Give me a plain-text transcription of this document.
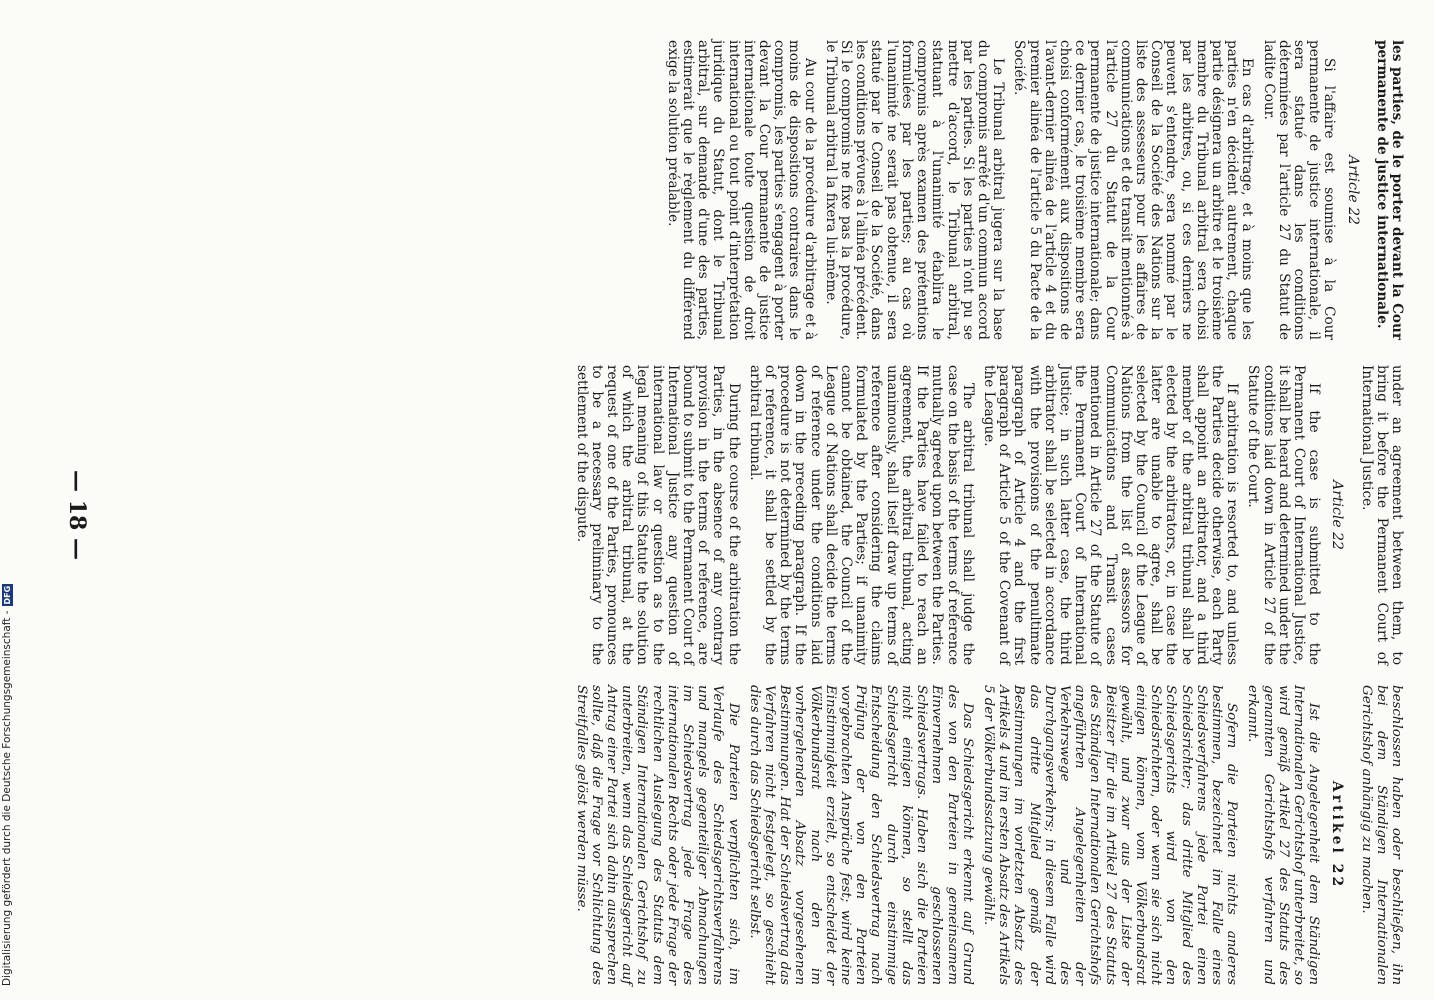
les parties, de le porter devant la Cour permanente de justice internationale.

Article 22

Si l'affaire est soumise à la Cour permanente de justice internationale, il sera statué dans les conditions déterminées par l'article 27 du Statut de ladite Cour.

En cas d'arbitrage, et à moins que les parties n'en décident autrement, chaque partie désignera un arbitre et le troisième membre du Tribunal arbitral sera choisi par les arbitres, ou, si ces derniers ne peuvent s'entendre, sera nommé par le Conseil de la Société des Nations sur la liste des assesseurs pour les affaires de communications et de transit mentionnés à l'article 27 du Statut de la Cour permanente de justice internationale; dans ce dernier cas, le troisième membre sera choisi conformément aux dispositions de l'avant-dernier alinéa de l'article 4 et du premier alinéa de l'article 5 du Pacte de la Société.

Le Tribunal arbitral jugera sur la base du compromis arrêté d'un commun accord par les parties. Si les parties n'ont pu se mettre d'accord, le Tribunal arbitral, statuant à l'unanimité établira le compromis après examen des prétentions formulées par les parties; au cas où l'unanimité ne serait pas obtenue, il sera statué par le Conseil de la Société, dans les conditions prévues à l'alinéa précédent. Si le compromis ne fixe pas la procédure, le Tribunal arbitral la fixera lui-même.

Au cour de la procédure d'arbitrage et à moins de dispositions contraires dans le compromis, les parties s'engagent à porter devant la Cour permanente de justice internationale toute question de droit international ou tout point d'interprétation juridique du Statut, dont le Tribunal arbitral, sur demande d'une des parties, estimerait que le règlement du différend exige la solution préalable.

under an agreement between them, to bring it before the Permanent Court of International Justice.

Article 22

If the case is submitted to the Permanent Court of International Justice, it shall be heard and determined under the conditions laid down in Article 27 of the Statute of the Court.

If arbitration is resorted to, and unless the Parties decide otherwise, each Party shall appoint an arbitrator, and a third member of the arbitral tribunal shall be elected by the arbitrators, or, in case the latter are unable to agree, shall be selected by the Council of the League of Nations from the list of assessors for Communications and Transit cases mentioned in Article 27 of the Statute of the Permanent Court of International Justice; in such latter case, the third arbitrator shall be selected in accordance with the provisions of the penultimate paragraph of Article 4 and the first paragraph of Article 5 of the Covenant of the League.

The arbitral tribunal shall judge the case on the basis of the terms of reference mutually agreed upon between the Parties. If the Parties have failed to reach an agreement, the arbitral tribunal, acting unanimously, shall itself draw up terms of reference after considering the claims formulated by the Parties; if unanimity cannot be obtained, the Council of the League of Nations shall decide the terms of reference under the conditions laid down in the preceding paragraph. If the procedure is not determined by the terms of reference, it shall be settled by the arbitral tribunal.

During the course of the arbitration the Parties, in the absence of any contrary provision in the terms of reference, are bound to submit to the Permanent Court of International Justice any question of international law or question as to the legal meaning of this Statute the solution of which the arbitral tribunal, at the request of one of the Parties, pronounces to be a necessary preliminary to the settlement of the dispute.

beschlossen haben oder beschließen, ihn bei dem Ständigen Internationalen Gerichtshof anhängig zu machen.

Artikel 22

Ist die Angelegenheit dem Ständigen Internationalen Gerichtshof unterbreitet, so wird gemäß Artikel 27 des Statuts des genannten Gerichtshofs verfahren und erkannt.

Sofern die Parteien nichts anderes bestimmen, bezeichnet im Falle eines Schiedsverfahrens jede Partei einen Schiedsrichter; das dritte Mitglied des Schiedsgerichts wird von den Schiedsrichtern, oder wenn sie sich nicht einigen können, vom Völkerbundsrat gewählt, und zwar aus der Liste der Beisitzer für die im Artikel 27 des Statuts des Ständigen Internationalen Gerichtshofs angeführten Angelegenheiten der Verkehrswege und des Durchgangsverkehrs; in diesem Falle wird das dritte Mitglied gemäß der Bestimmungen im vorletzten Absatz des Artikels 4 und im ersten Absatz des Artikels 5 der Völkerbundssatzung gewählt.

Das Schiedsgericht erkennt auf Grund des von den Parteien in gemeinsamem Einvernehmen geschlossenen Schiedsvertrags. Haben sich die Parteien nicht einigen können, so stellt das Schiedsgericht durch einstimmige Entscheidung den Schiedsvertrag nach Prüfung der von den Parteien vorgebrachten Ansprüche fest; wird keine Einstimmigkeit erzielt, so entscheidet der Völkerbundsrat nach den im vorhergehenden Absatz vorgesehenen Bestimmungen. Hat der Schiedsvertrag das Verfahren nicht festgelegt, so geschieht dies durch das Schiedsgericht selbst.

Die Parteien verpflichten sich, im Verlaufe des Schiedsgerichtsverfahrens und mangels gegenteiliger Abmachungen im Schiedsvertrag jede Frage des internationalen Rechts oder jede Frage der rechtlichen Auslegung des Statuts dem Ständigen Internationalen Gerichtshof zu unterbreiten, wenn das Schiedsgericht auf Antrag einer Partei sich dahin aussprechen sollte, daß die Frage vor Schlichtung des Streitfalles gelöst werden müsse.

— 18 —
Digitalisierung gefördert durch die Deutsche Forschungsgemeinschaft -
DFG
